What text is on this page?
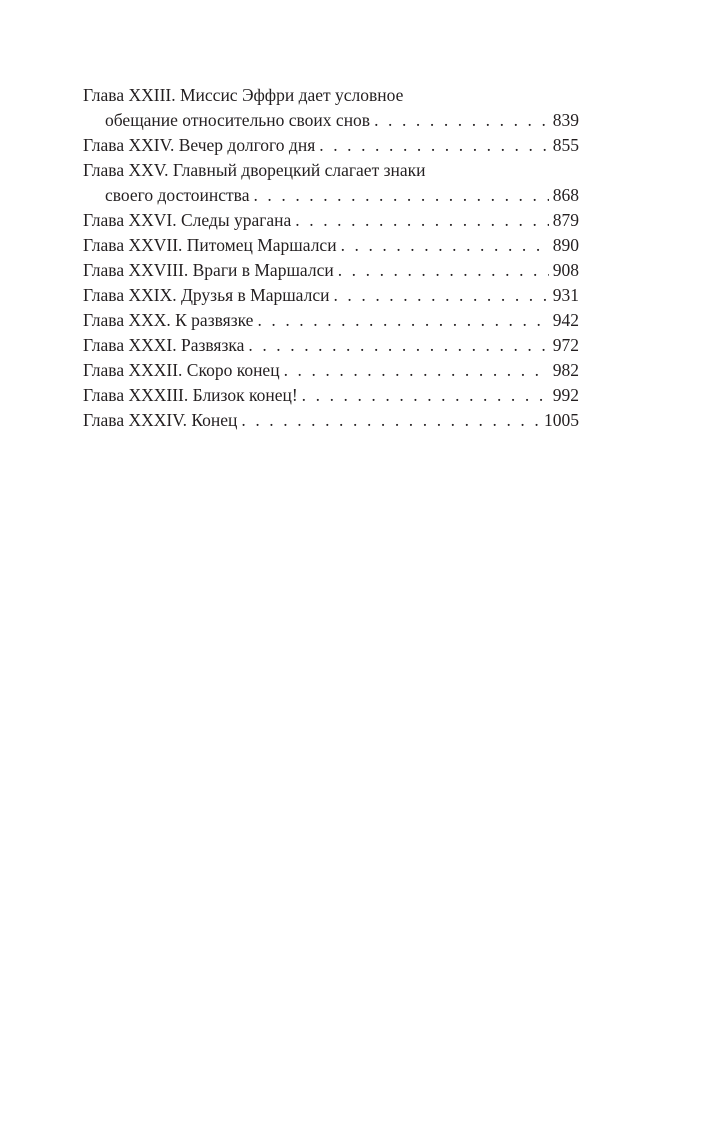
Глава XXIII. Миссис Эффри дает условное
обещание относительно своих снов . . .	839
Глава XXIV. Вечер долгого дня . . .	855
Глава XXV. Главный дворецкий слагает знаки
своего достоинства . . .	868
Глава XXVI. Следы урагана . . .	879
Глава XXVII. Питомец Маршалси . . .	890
Глава XXVIII. Враги в Маршалси . . .	908
Глава XXIX. Друзья в Маршалси . . .	931
Глава XXX. К развязке . . .	942
Глава XXXI. Развязка . . .	972
Глава XXXII. Скоро конец . . .	982
Глава XXXIII. Близок конец! . . .	992
Глава XXXIV. Конец . . .	1005
